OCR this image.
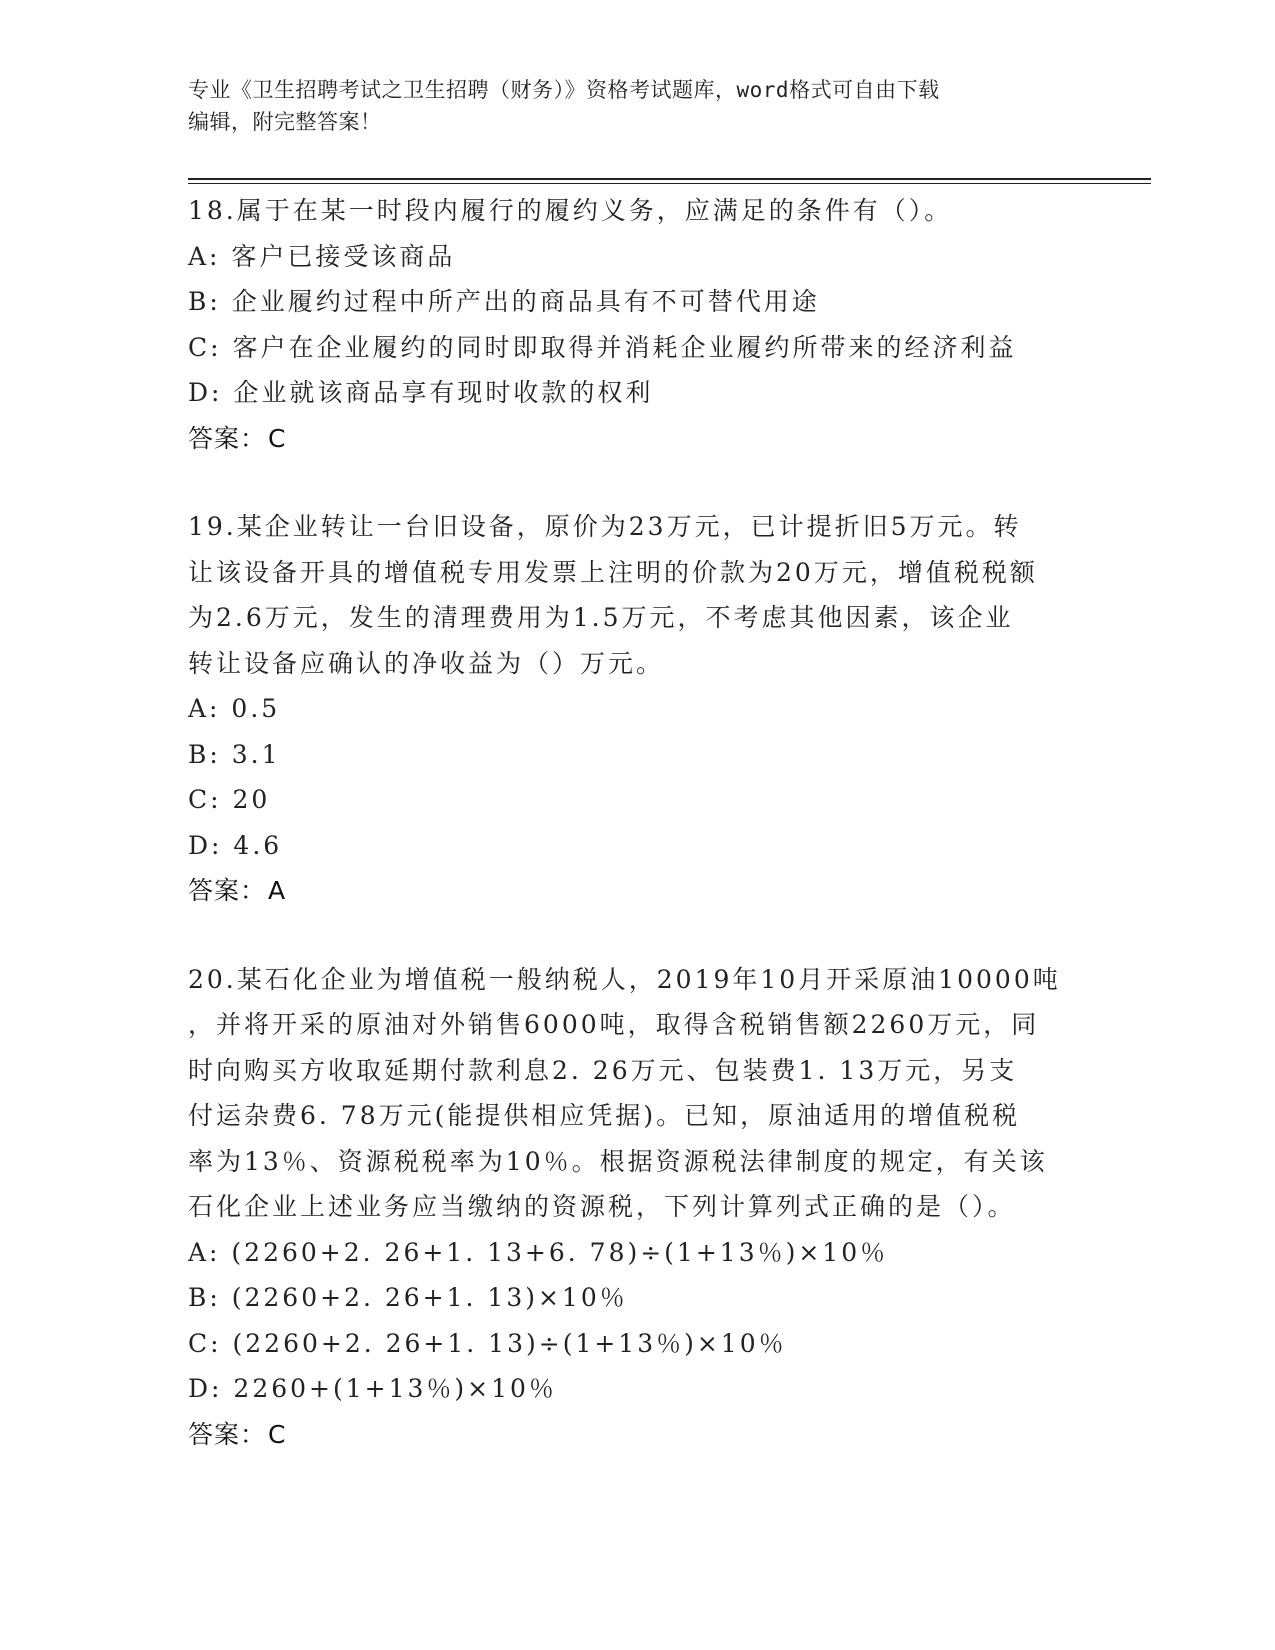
专业《卫生招聘考试之卫生招聘（财务）》资格考试题库，word格式可自由下载
编辑，附完整答案！
18.属于在某一时段内履行的履约义务，应满足的条件有（）。
A: 客户已接受该商品
B: 企业履约过程中所产出的商品具有不可替代用途
C: 客户在企业履约的同时即取得并消耗企业履约所带来的经济利益
D: 企业就该商品享有现时收款的权利
答案：C
19.某企业转让一台旧设备，原价为23万元，已计提折旧5万元。转
让该设备开具的增值税专用发票上注明的价款为20万元，增值税税额
为2.6万元，发生的清理费用为1.5万元，不考虑其他因素，该企业
转让设备应确认的净收益为（）万元。
A: 0.5
B: 3.1
C: 20
D: 4.6
答案：A
20.某石化企业为增值税一般纳税人，2019年10月开采原油10000吨
，并将开采的原油对外销售6000吨，取得含税销售额2260万元，同
时向购买方收取延期付款利息2. 26万元、包装费1. 13万元，另支
付运杂费6. 78万元(能提供相应凭据)。已知，原油适用的增值税税
率为13％、资源税税率为10％。根据资源税法律制度的规定，有关该
石化企业上述业务应当缴纳的资源税，下列计算列式正确的是（）。
A: (2260+2. 26+1. 13+6. 78)÷(1+13％)×10％
B: (2260+2. 26+1. 13)×10％
C: (2260+2. 26+1. 13)÷(1+13％)×10％
D: 2260+(1+13％)×10％
答案：C
